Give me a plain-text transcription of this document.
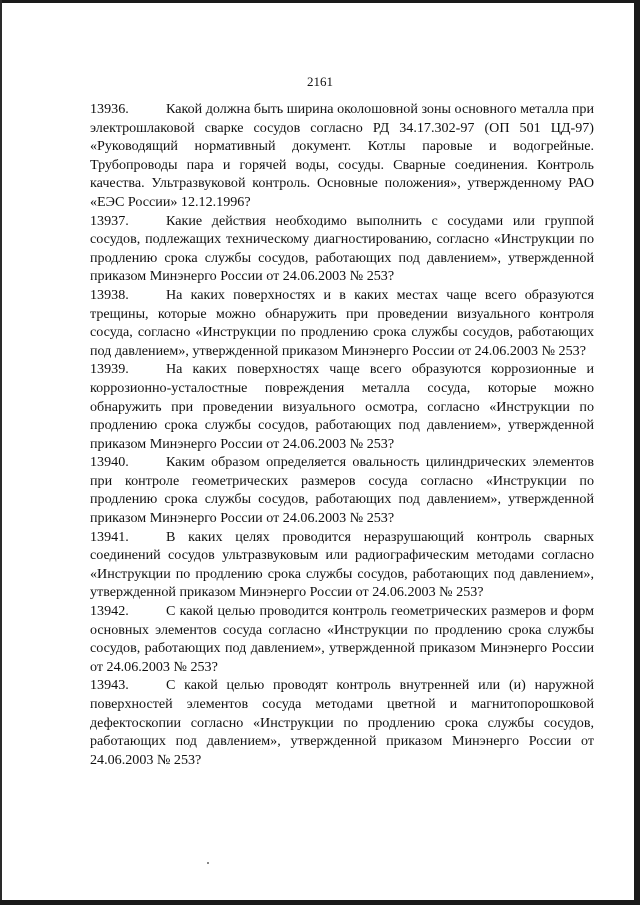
2161

13936.	Какой должна быть ширина околошовной зоны основного металла при электрошлаковой сварке сосудов согласно РД 34.17.302-97 (ОП 501 ЦД-97) «Руководящий нормативный документ. Котлы паровые и водогрейные. Трубопроводы пара и горячей воды, сосуды. Сварные соединения. Контроль качества. Ультразвуковой контроль. Основные положения», утвержденному РАО «ЕЭС России» 12.12.1996?

13937.	Какие действия необходимо выполнить с сосудами или группой сосудов, подлежащих техническому диагностированию, согласно «Инструкции по продлению срока службы сосудов, работающих под давлением», утвержденной приказом Минэнерго России от 24.06.2003 № 253?

13938.	На каких поверхностях и в каких местах чаще всего образуются трещины, которые можно обнаружить при проведении визуального контроля сосуда, согласно «Инструкции по продлению срока службы сосудов, работающих под давлением», утвержденной приказом Минэнерго России от 24.06.2003 № 253?

13939.	На каких поверхностях чаще всего образуются коррозионные и коррозионно-усталостные повреждения металла сосуда, которые можно обнаружить при проведении визуального осмотра, согласно «Инструкции по продлению срока службы сосудов, работающих под давлением», утвержденной приказом Минэнерго России от 24.06.2003 № 253?

13940.	Каким образом определяется овальность цилиндрических элементов при контроле геометрических размеров сосуда согласно «Инструкции по продлению срока службы сосудов, работающих под давлением», утвержденной приказом Минэнерго России от 24.06.2003 № 253?

13941.	В каких целях проводится неразрушающий контроль сварных соединений сосудов ультразвуковым или радиографическим методами согласно «Инструкции по продлению срока службы сосудов, работающих под давлением», утвержденной приказом Минэнерго России от 24.06.2003 № 253?

13942.	С какой целью проводится контроль геометрических размеров и форм основных элементов сосуда согласно «Инструкции по продлению срока службы сосудов, работающих под давлением», утвержденной приказом Минэнерго России от 24.06.2003 № 253?

13943.	С какой целью проводят контроль внутренней или (и) наружной поверхностей элементов сосуда методами цветной и магнитопорошковой дефектоскопии согласно «Инструкции по продлению срока службы сосудов, работающих под давлением», утвержденной приказом Минэнерго России от 24.06.2003 № 253?
